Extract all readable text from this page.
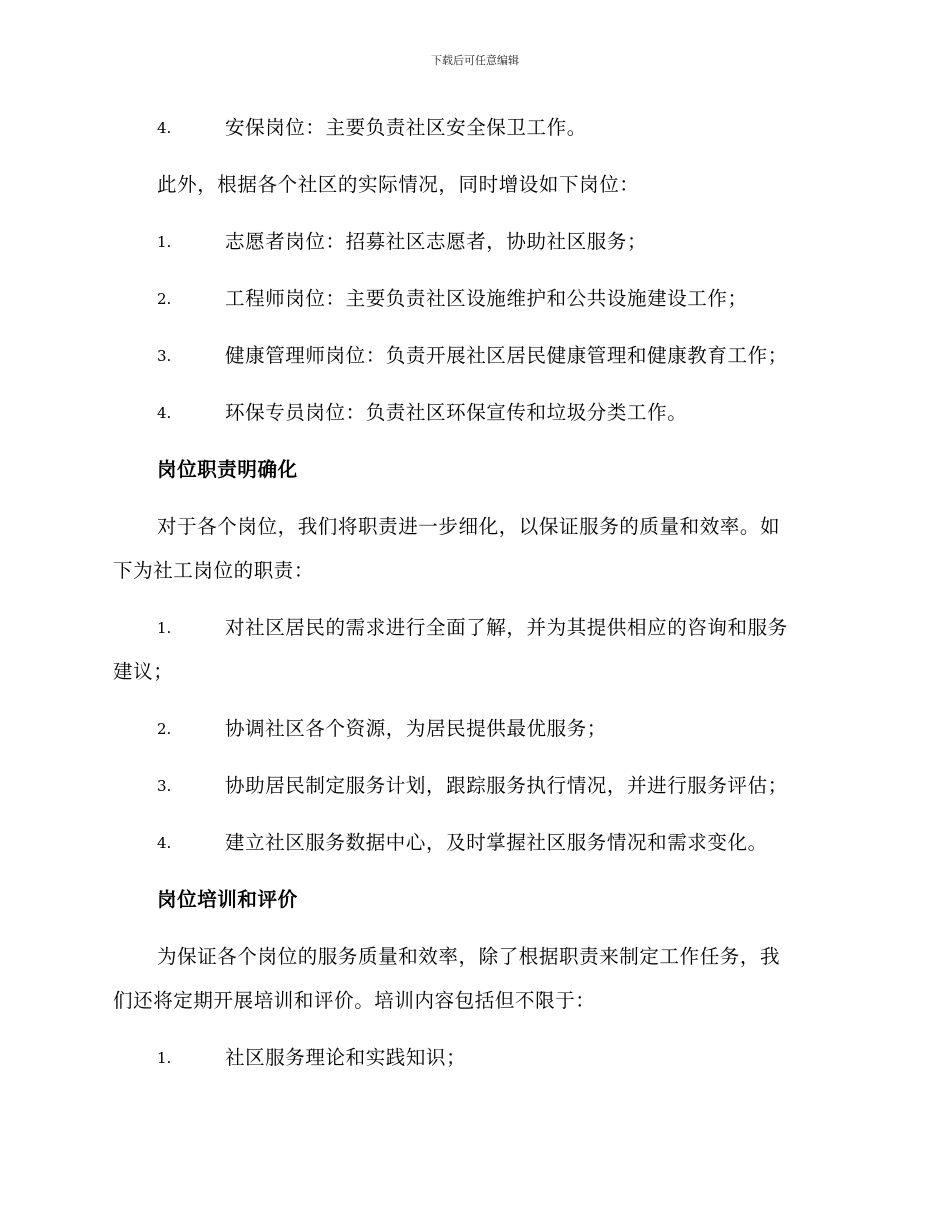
下载后可任意编辑
4.	安保岗位：主要负责社区安全保卫工作。

此外，根据各个社区的实际情况，同时增设如下岗位：
1.	志愿者岗位：招募社区志愿者，协助社区服务；

2.	工程师岗位：主要负责社区设施维护和公共设施建设工作；

3.	健康管理师岗位：负责开展社区居民健康管理和健康教育工作；

4.	环保专员岗位：负责社区环保宣传和垃圾分类工作。

岗位职责明确化
对于各个岗位，我们将职责进一步细化，以保证服务的质量和效率。如
下为社工岗位的职责：
1.	对社区居民的需求进行全面了解，并为其提供相应的咨询和服务

建议；
2.	协调社区各个资源，为居民提供最优服务；

3.	协助居民制定服务计划，跟踪服务执行情况，并进行服务评估；

4.	建立社区服务数据中心，及时掌握社区服务情况和需求变化。

岗位培训和评价
为保证各个岗位的服务质量和效率，除了根据职责来制定工作任务，我
们还将定期开展培训和评价。培训内容包括但不限于：
1.	社区服务理论和实践知识；
